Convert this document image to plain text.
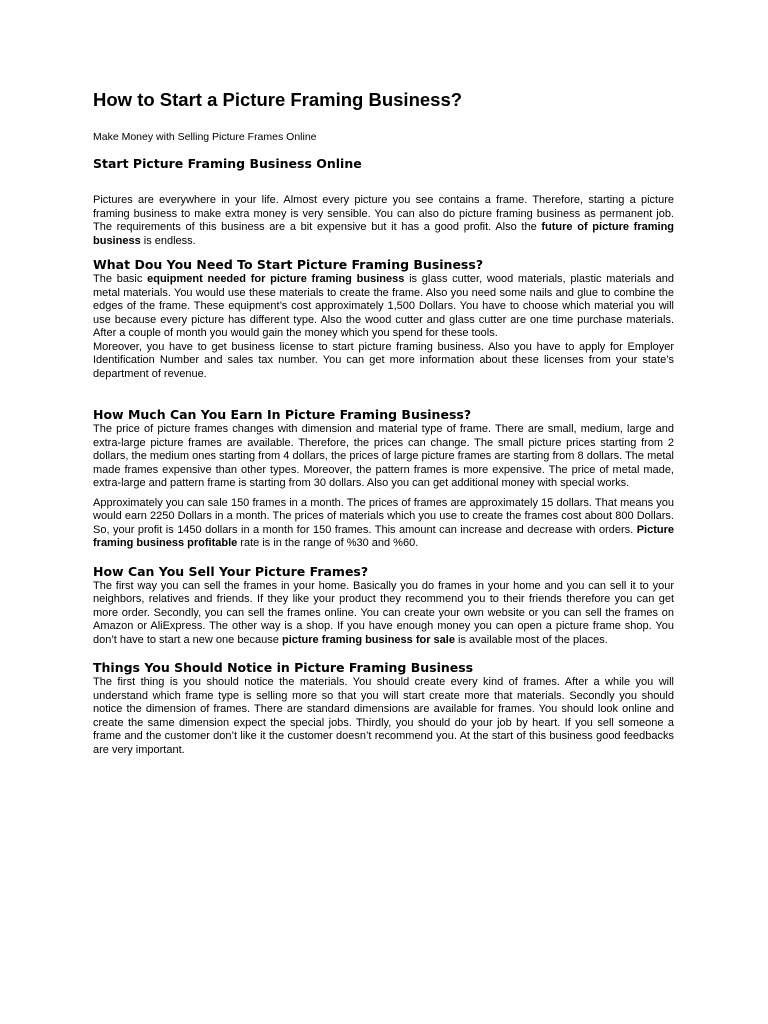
How to Start a Picture Framing Business?

Make Money with Selling Picture Frames Online

Start Picture Framing Business Online

Pictures are everywhere in your life. Almost every picture you see contains a frame. Therefore, starting a picture framing business to make extra money is very sensible. You can also do picture framing business as permanent job. The requirements of this business are a bit expensive but it has a good profit. Also the future of picture framing business is endless.

What Dou You Need To Start Picture Framing Business?

The basic equipment needed for picture framing business is glass cutter, wood materials, plastic materials and metal materials. You would use these materials to create the frame. Also you need some nails and glue to combine the edges of the frame. These equipment’s cost approximately 1,500 Dollars. You have to choose which material you will use because every picture has different type. Also the wood cutter and glass cutter are one time purchase materials. After a couple of month you would gain the money which you spend for these tools.

Moreover, you have to get business license to start picture framing business. Also you have to apply for Employer Identification Number and sales tax number. You can get more information about these licenses from your state’s department of revenue.

How Much Can You Earn In Picture Framing Business?

The price of picture frames changes with dimension and material type of frame. There are small, medium, large and extra-large picture frames are available. Therefore, the prices can change. The small picture prices starting from 2 dollars, the medium ones starting from 4 dollars, the prices of large picture frames are starting from 8 dollars. The metal made frames expensive than other types. Moreover, the pattern frames is more expensive. The price of metal made, extra-large and pattern frame is starting from 30 dollars. Also you can get additional money with special works.

Approximately you can sale 150 frames in a month. The prices of frames are approximately 15 dollars. That means you would earn 2250 Dollars in a month. The prices of materials which you use to create the frames cost about 800 Dollars. So, your profit is 1450 dollars in a month for 150 frames. This amount can increase and decrease with orders. Picture framing business profitable rate is in the range of %30 and %60.

How Can You Sell Your Picture Frames?

The first way you can sell the frames in your home. Basically you do frames in your home and you can sell it to your neighbors, relatives and friends. If they like your product they recommend you to their friends therefore you can get more order. Secondly, you can sell the frames online. You can create your own website or you can sell the frames on Amazon or AliExpress. The other way is a shop. If you have enough money you can open a picture frame shop. You don’t have to start a new one because picture framing business for sale is available most of the places.

Things You Should Notice in Picture Framing Business

The first thing is you should notice the materials. You should create every kind of frames. After a while you will understand which frame type is selling more so that you will start create more that materials. Secondly you should notice the dimension of frames. There are standard dimensions are available for frames. You should look online and create the same dimension expect the special jobs. Thirdly, you should do your job by heart. If you sell someone a frame and the customer don’t like it the customer doesn’t recommend you. At the start of this business good feedbacks are very important.
